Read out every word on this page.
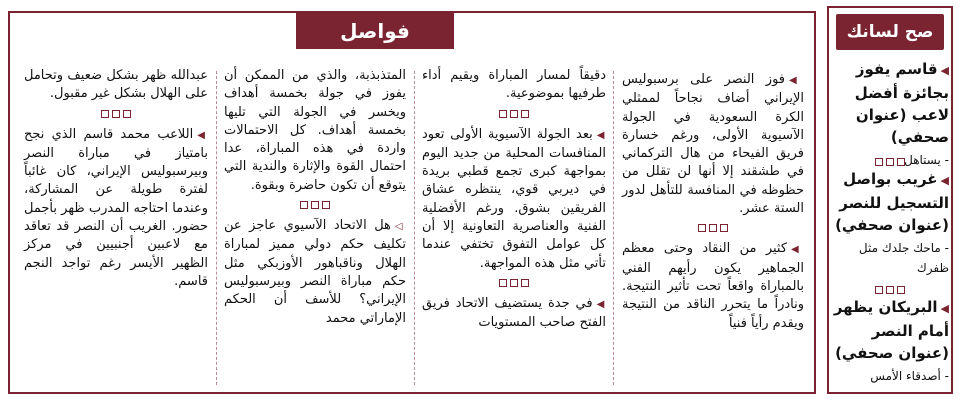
صح لسانك
◀قاسم يفوز بجائزة أفضل لاعب (عنوان صحفي)
- يستاهل
◀غريب بواصل التسجيل للنصر (عنوان صحفي)
- ماحك جلدك مثل ظفرك
◀البريكان يظهر أمام النصر (عنوان صحفي)
- أصدقاء الأمس
فواصل

◀فوز النصر على برسبوليس الإيراني أضاف نجاحاً لممثلي الكرة السعودية في الجولة الآسيوية الأولى، ورغم خسارة فريق الفيحاء من هال التركماني في طشقند إلا أنها لن تقلل من حظوظه في المنافسة للتأهل لدور الستة عشر.

◀كثير من النقاد وحتى معظم الجماهير يكون رأيهم الفني بالمباراة واقعاً تحت تأثير النتيجة. ونادراً ما يتحرر الناقد من النتيجة ويقدم رأياً فنياً

دقيقاً لمسار المباراة ويقيم أداء طرفيها بموضوعية.

◀بعد الجولة الآسيوية الأولى تعود المنافسات المحلية من جديد اليوم بمواجهة كبرى تجمع قطبي بريدة في ديربي قوي، ينتظره عشاق الفريقين بشوق. ورغم الأفضلية الفنية والعناصرية التعاونية إلا أن كل عوامل التفوق تختفي عندما تأتي مثل هذه المواجهة.

◀في جدة يستضيف الاتحاد فريق الفتح صاحب المستويات

المتذبذبة، والذي من الممكن أن يفوز في جولة بخمسة أهداف ويخسر في الجولة التي تليها بخمسة أهداف. كل الاحتمالات واردة في هذه المباراة، عدا احتمال القوة والإثارة والندية التي يتوقع أن تكون حاضرة وبقوة.

◁هل الاتحاد الآسيوي عاجز عن تكليف حكم دولي مميز لمباراة الهلال وناقباهور الأوزبكي مثل حكم مباراة النصر وبيرسبوليس الإيراني؟ للأسف أن الحكم الإماراتي محمد

عبدالله ظهر بشكل ضعيف وتحامل على الهلال بشكل غير مقبول.

◀اللاعب محمد قاسم الذي نجح بامتياز في مباراة النصر وبيرسبوليس الإيراني، كان غائباً لفترة طويلة عن المشاركة، وعندما احتاجه المدرب ظهر بأجمل حضور. الغريب أن النصر قد تعاقد مع لاعبين أجنبيين في مركز الظهير الأيسر رغم تواجد النجم قاسم.
